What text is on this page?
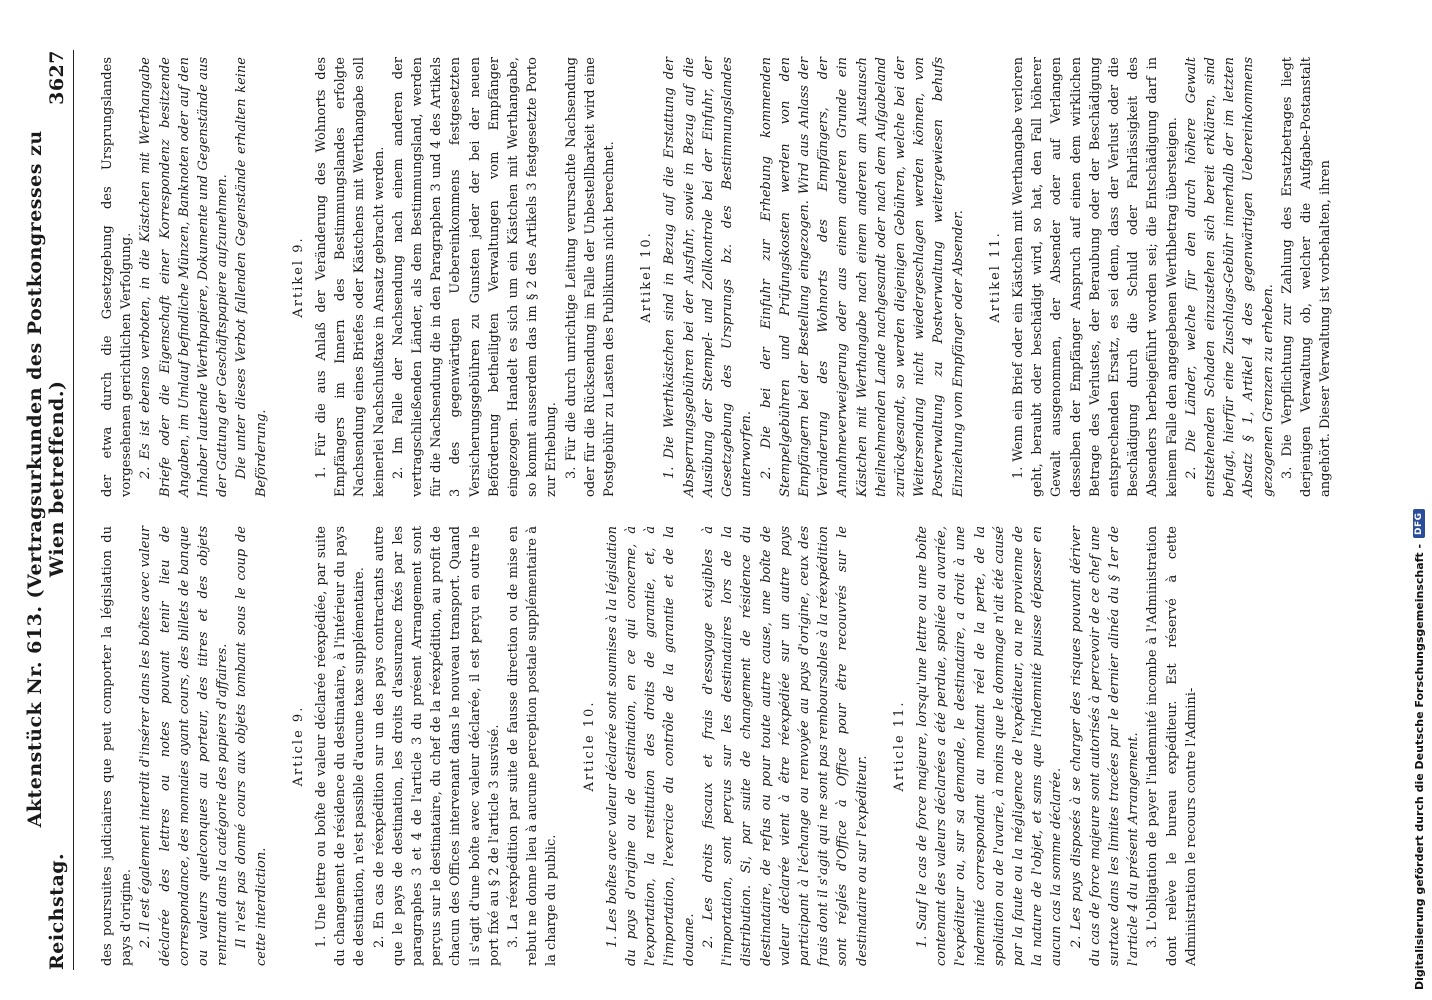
Reichstag.
Aktenstück Nr. 613. (Vertragsurkunden des Postkongresses zu Wien betreffend.)
3627

des poursuites judiciaires que peut comporter la législation du pays d'origine. 2. Il est également interdit d'insérer dans les boîtes avec valeur déclarée des lettres ou notes pouvant tenir lieu de correspondance, des monnaies ayant cours, des billets de banque ou valeurs quelconques au porteur, des titres et des objets rentrant dans la catégorie des papiers d'affaires. Il n'est pas donné cours aux objets tombant sous le coup de cette interdiction.

Article 9. 1. Une lettre ou boîte de valeur déclarée réexpédiée, par suite du changement de résidence du destinataire, à l'intérieur du pays de destination, n'est passible d'aucune taxe supplémentaire. 2. En cas de réexpédition sur un des pays contractants autre que le pays de destination, les droits d'assurance fixés par les paragraphes 3 et 4 de l'article 3 du présent Arrangement sont perçus sur le destinataire, du chef de la réexpédition, au profit de chacun des Offices intervenant dans le nouveau transport. Quand il s'agit d'une boîte avec valeur déclarée, il est perçu en outre le port fixé au § 2 de l'article 3 susvisé. 3. La réexpédition par suite de fausse direction ou de mise en rebut ne donne lieu à aucune perception postale supplémentaire à la charge du public.

Article 10. 1. Les boîtes avec valeur déclarée sont soumises à la législation du pays d'origine ou de destination, en ce qui concerne, à l'exportation, la restitution des droits de garantie, et, à l'importation, l'exercice du contrôle de la garantie et de la douane. 2. Les droits fiscaux et frais d'essayage exigibles à l'importation, sont perçus sur les destinataires lors de la distribution. Si, par suite de changement de résidence du destinataire, de refus ou pour toute autre cause, une boîte de valeur déclarée vient à être réexpédiée sur un autre pays participant à l'échange ou renvoyée au pays d'origine, ceux des frais dont il s'agit qui ne sont pas remboursables à la réexpédition sont réglés d'Office à Office pour être recouvrés sur le destinataire ou sur l'expéditeur.

Article 11. 1. Sauf le cas de force majeure, lorsqu'une lettre ou une boîte contenant des valeurs déclarées a été perdue, spoliée ou avariée, l'expéditeur ou, sur sa demande, le destinataire, a droit à une indemnité correspondant au montant réel de la perte, de la spoliation ou de l'avarie, à moins que le dommage n'ait été causé par la faute ou la négligence de l'expéditeur, ou ne provienne de la nature de l'objet, et sans que l'indemnité puisse dépasser en aucun cas la somme déclarée. 2. Les pays disposés à se charger des risques pouvant dériver du cas de force majeure sont autorisés à percevoir de ce chef une surtaxe dans les limites tracées par le dernier alinéa du § 1er de l'article 4 du présent Arrangement. 3. L'obligation de payer l'indemnité incombe à l'Administration dont relève le bureau expéditeur. Est réservé à cette Administration le recours contre l'Admini-

der etwa durch die Gesetzgebung des Ursprungslandes vorgesehenen gerichtlichen Verfolgung. 2. Es ist ebenso verboten, in die Kästchen mit Werthangabe Briefe oder die Eigenschaft einer Korrespondenz besitzende Angaben, im Umlauf befindliche Münzen, Banknoten oder auf den Inhaber lautende Werthpapiere, Dokumente und Gegenstände aus der Gattung der Geschäftspapiere aufzunehmen. Die unter dieses Verbot fallenden Gegenstände erhalten keine Beförderung.

Artikel 9. 1. Für die aus Anlaß der Veränderung des Wohnorts des Empfängers im Innern des Bestimmungslandes erfolgte Nachsendung eines Briefes oder Kästchens mit Werthangabe soll keinerlei Nachschußtaxe in Ansatz gebracht werden. 2. Im Falle der Nachsendung nach einem anderen der vertragschließenden Länder, als dem Bestimmungsland, werden für die Nachsendung die in den Paragraphen 3 und 4 des Artikels 3 des gegenwärtigen Uebereinkommens festgesetzten Versicherungsgebühren zu Gunsten jeder der bei der neuen Beförderung betheiligten Verwaltungen vom Empfänger eingezogen. Handelt es sich um ein Kästchen mit Werthangabe, so kommt ausserdem das im § 2 des Artikels 3 festgesetzte Porto zur Erhebung. 3. Für die durch unrichtige Leitung verursachte Nachsendung oder für die Rücksendung im Falle der Unbestellbarkeit wird eine Postgebühr zu Lasten des Publikums nicht berechnet. Artikel 10. 1. Die Werthkästchen sind in Bezug auf die Erstattung der Absperrungsgebühren bei der Ausfuhr, sowie in Bezug auf die Ausübung der Stempel- und Zollkontrole bei der Einfuhr, der Gesetzgebung des Ursprungs bz. des Bestimmungslandes unterworfen. 2. Die bei der Einfuhr zur Erhebung kommenden Stempelgebühren und Prüfungskosten werden von den Empfängern bei der Bestellung eingezogen. Wird aus Anlass der Veränderung des Wohnorts des Empfängers, der Annahmeverweigerung oder aus einem anderen Grunde ein Kästchen mit Werthangabe nach einem anderen am Austausch theilnehmenden Lande nachgesandt oder nach dem Aufgabeland zurückgesandt, so werden diejenigen Gebühren, welche bei der Weitersendung nicht wiedergeschlagen werden können, von Postverwaltung zu Postverwaltung weitergewiesen behufs Einziehung vom Empfänger oder Absender. Artikel 11. 1. Wenn ein Brief oder ein Kästchen mit Werthangabe verloren geht, beraubt oder beschädigt wird, so hat, den Fall höherer Gewalt ausgenommen, der Absender oder auf Verlangen desselben der Empfänger Anspruch auf einen dem wirklichen Betrage des Verlustes, der Beraubung oder der Beschädigung entsprechenden Ersatz, es sei denn, dass der Verlust oder die Beschädigung durch die Schuld oder Fahrlässigkeit des Absenders herbeigeführt worden sei; die Entschädigung darf in keinem Falle den angegebenen Werthbetrag übersteigen. 2. Die Länder, welche für den durch höhere Gewalt entstehenden Schaden einzustehen sich bereit erklären, sind befugt, hierfür eine Zuschlags-Gebühr innerhalb der im letzten Absatz § 1, Artikel 4 des gegenwärtigen Uebereinkommens gezogenen Grenzen zu erheben. 3. Die Verpflichtung zur Zahlung des Ersatzbetrages liegt derjenigen Verwaltung ob, welcher die Aufgabe-Postanstalt angehört. Dieser Verwaltung ist vorbehalten, ihren

Digitalisierung gefördert durch die Deutsche Forschungsgemeinschaft -
DFG
